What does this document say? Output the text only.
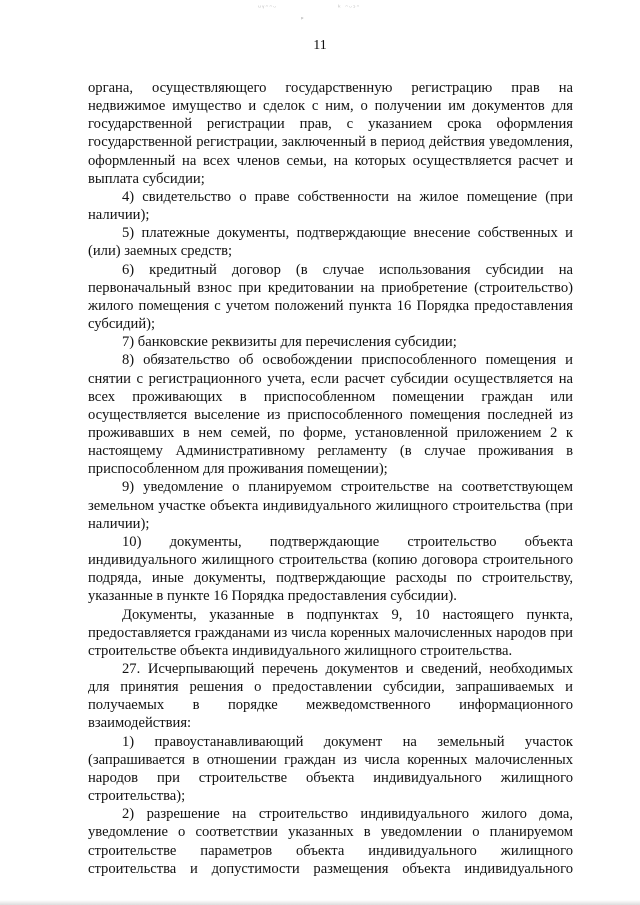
ᵘᵞᵔᵔᵕ	ᵏ ᵔᵕᵓᵔ
ᵖ
11

органа, осуществляющего государственную регистрацию прав на недвижимое имущество и сделок с ним, о получении им документов для государственной регистрации прав, с указанием срока оформления государственной регистрации, заключенный в период действия уведомления, оформленный на всех членов семьи, на которых осуществляется расчет и выплата субсидии;

4) свидетельство о праве собственности на жилое помещение (при наличии);

5) платежные документы, подтверждающие внесение собственных и (или) заемных средств;

6) кредитный договор (в случае использования субсидии на первоначальный взнос при кредитовании на приобретение (строительство) жилого помещения с учетом положений пункта 16 Порядка предоставления субсидий);

7) банковские реквизиты для перечисления субсидии;

8) обязательство об освобождении приспособленного помещения и снятии с регистрационного учета, если расчет субсидии осуществляется на всех проживающих в приспособленном помещении граждан или осуществляется выселение из приспособленного помещения последней из проживавших в нем семей, по форме, установленной приложением 2 к настоящему Административному регламенту (в случае проживания в приспособленном для проживания помещении);

9) уведомление о планируемом строительстве на соответствующем земельном участке объекта индивидуального жилищного строительства (при наличии);

10) документы, подтверждающие строительство объекта индивидуального жилищного строительства (копию договора строительного подряда, иные документы, подтверждающие расходы по строительству, указанные в пункте 16 Порядка предоставления субсидии).

Документы, указанные в подпунктах 9, 10 настоящего пункта, предоставляется гражданами из числа коренных малочисленных народов при строительстве объекта индивидуального жилищного строительства.

27. Исчерпывающий перечень документов и сведений, необходимых для принятия решения о предоставлении субсидии, запрашиваемых и получаемых в порядке межведомственного информационного взаимодействия:

1) правоустанавливающий документ на земельный участок (запрашивается в отношении граждан из числа коренных малочисленных народов при строительстве объекта индивидуального жилищного строительства);

2) разрешение на строительство индивидуального жилого дома, уведомление о соответствии указанных в уведомлении о планируемом строительстве параметров объекта индивидуального жилищного строительства и допустимости размещения объекта индивидуального
